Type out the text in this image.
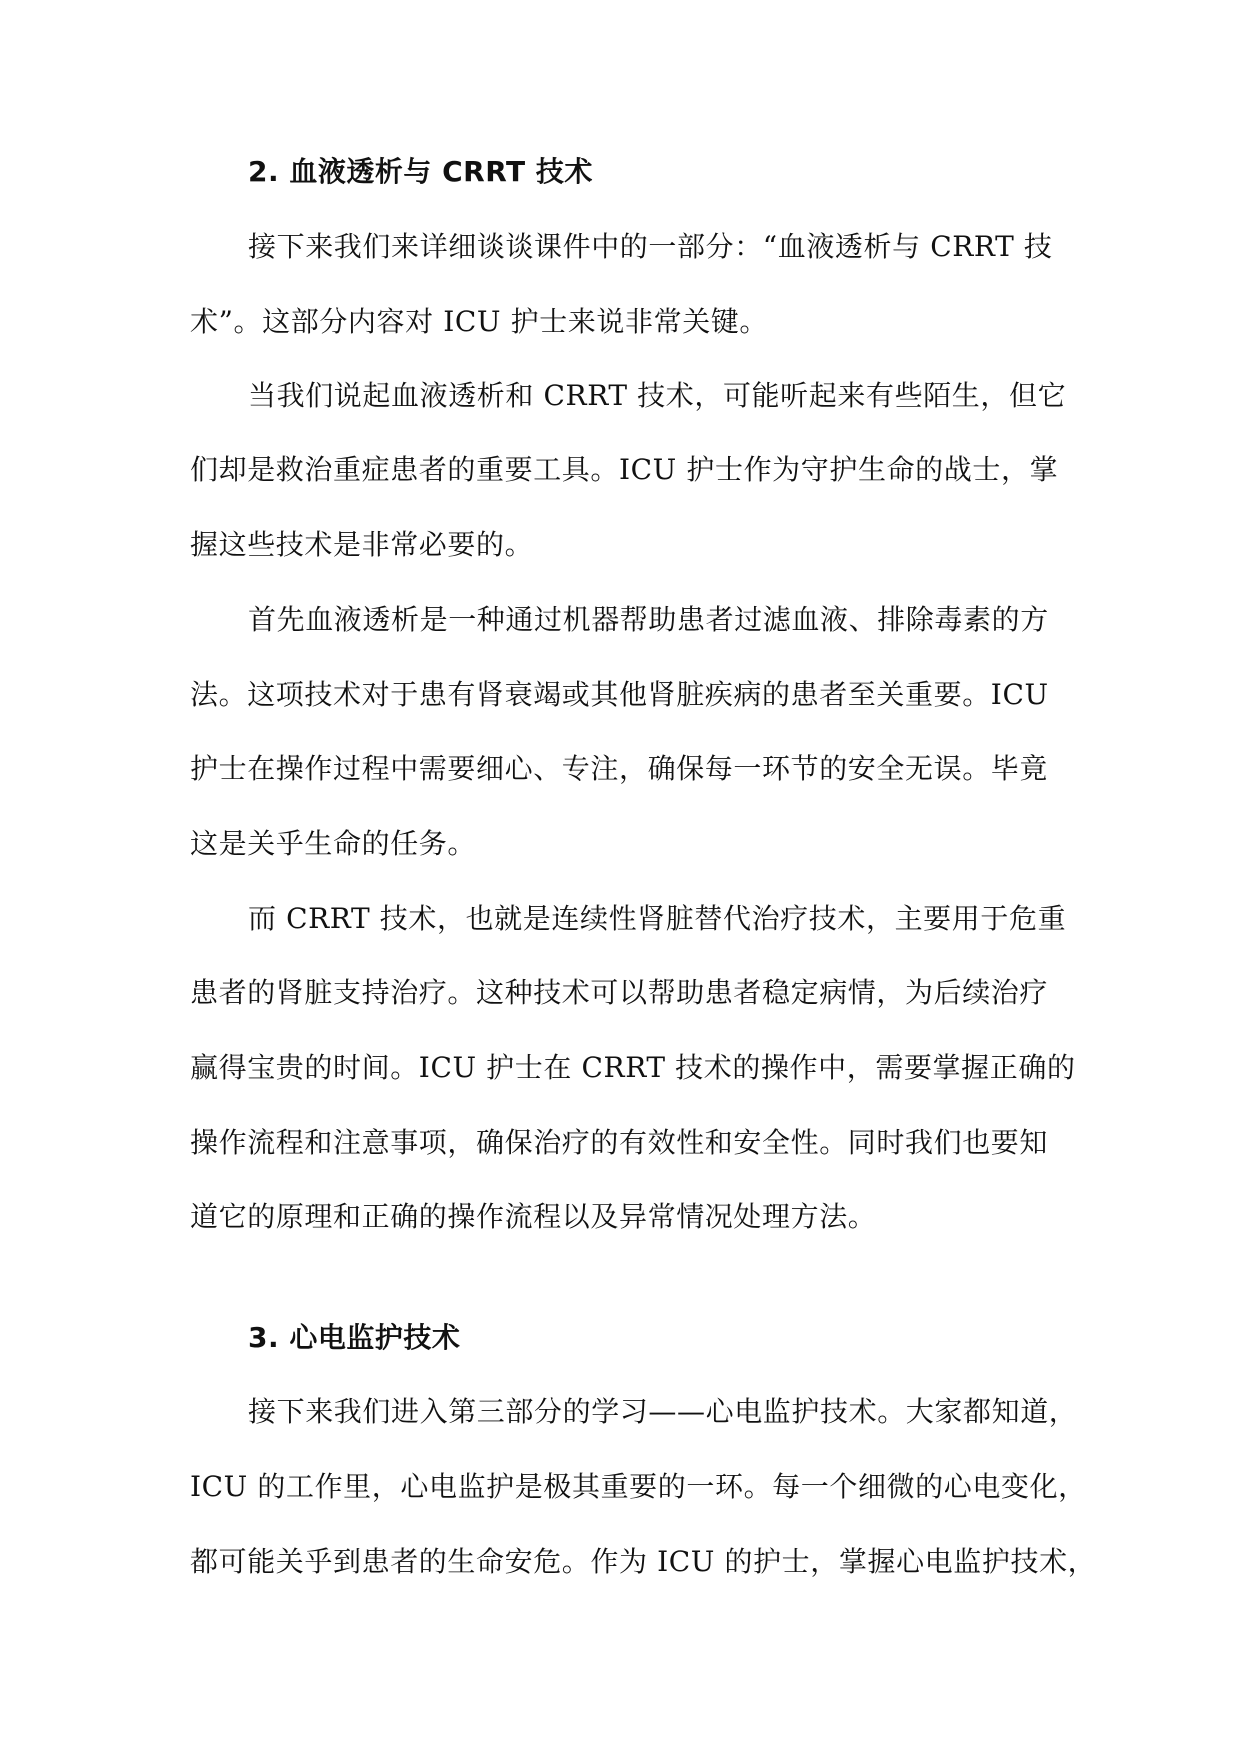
2. 血液透析与 CRRT 技术
接下来我们来详细谈谈课件中的一部分：“血液透析与 CRRT 技
术”。这部分内容对 ICU 护士来说非常关键。
当我们说起血液透析和 CRRT 技术，可能听起来有些陌生，但它
们却是救治重症患者的重要工具。ICU 护士作为守护生命的战士，掌
握这些技术是非常必要的。
首先血液透析是一种通过机器帮助患者过滤血液、排除毒素的方
法。这项技术对于患有肾衰竭或其他肾脏疾病的患者至关重要。ICU
护士在操作过程中需要细心、专注，确保每一环节的安全无误。毕竟
这是关乎生命的任务。
而 CRRT 技术，也就是连续性肾脏替代治疗技术，主要用于危重
患者的肾脏支持治疗。这种技术可以帮助患者稳定病情，为后续治疗
赢得宝贵的时间。ICU 护士在 CRRT 技术的操作中，需要掌握正确的
操作流程和注意事项，确保治疗的有效性和安全性。同时我们也要知
道它的原理和正确的操作流程以及异常情况处理方法。
3. 心电监护技术
接下来我们进入第三部分的学习——心电监护技术。大家都知道，
ICU 的工作里，心电监护是极其重要的一环。每一个细微的心电变化，
都可能关乎到患者的生命安危。作为 ICU 的护士，掌握心电监护技术，
